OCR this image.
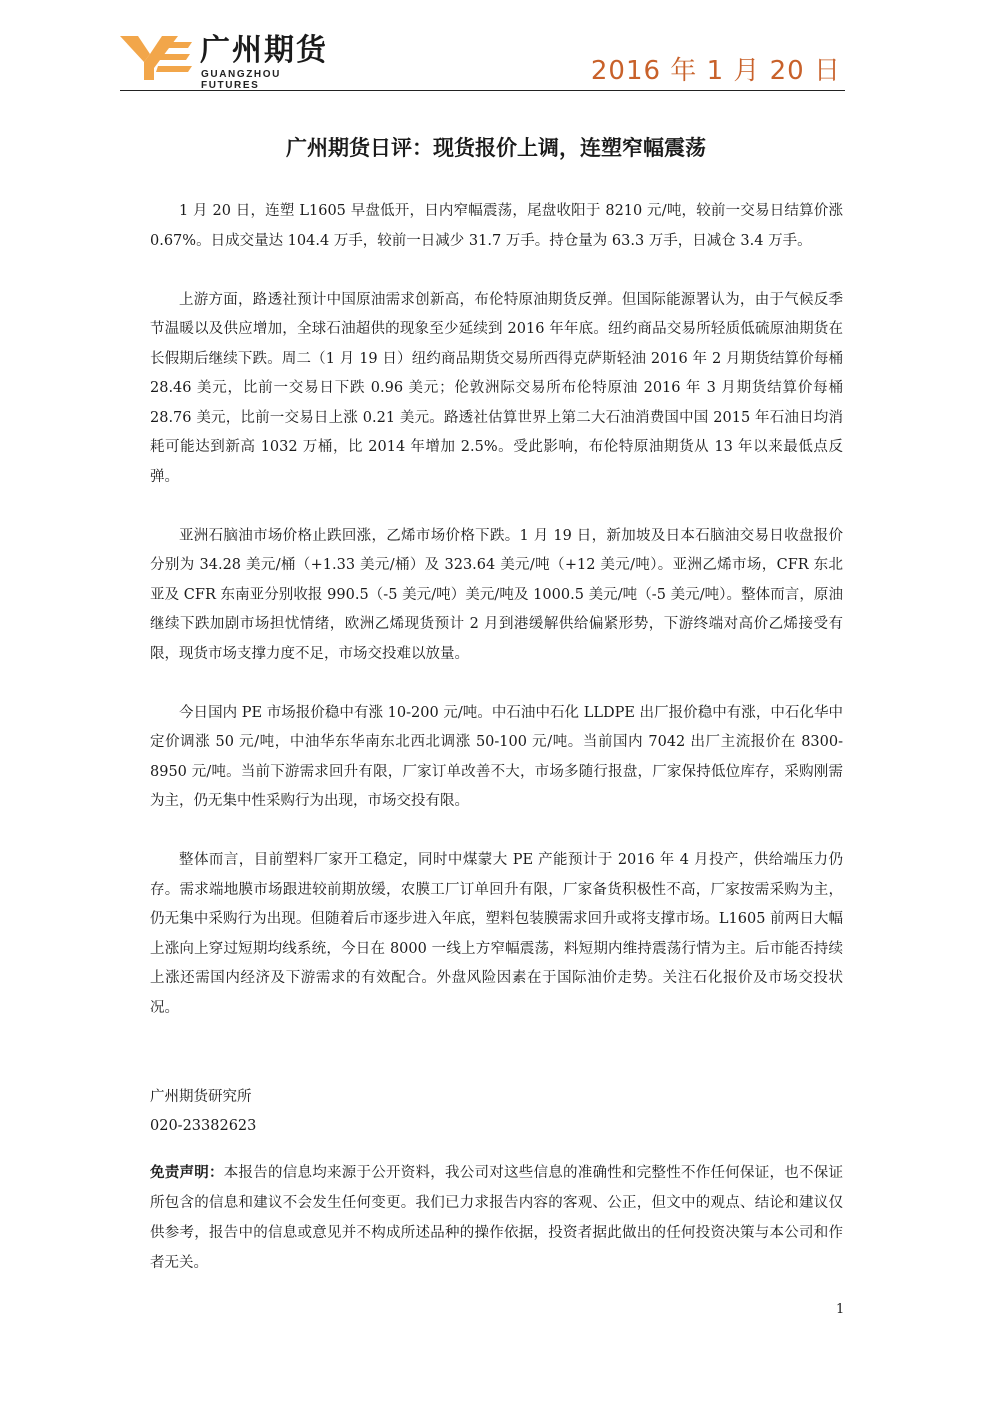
广州期货
GUANGZHOU FUTURES	2016 年 1 月 20 日
广州期货日评：现货报价上调，连塑窄幅震荡

1 月 20 日，连塑 L1605 早盘低开，日内窄幅震荡，尾盘收阳于 8210 元/吨，较前一交易日结算价涨 0.67%。日成交量达 104.4 万手，较前一日减少 31.7 万手。持仓量为 63.3 万手，日减仓 3.4 万手。

上游方面，路透社预计中国原油需求创新高，布伦特原油期货反弹。但国际能源署认为，由于气候反季节温暖以及供应增加，全球石油超供的现象至少延续到 2016 年年底。纽约商品交易所轻质低硫原油期货在长假期后继续下跌。周二（1 月 19 日）纽约商品期货交易所西得克萨斯轻油 2016 年 2 月期货结算价每桶 28.46 美元，比前一交易日下跌 0.96 美元；伦敦洲际交易所布伦特原油 2016 年 3 月期货结算价每桶 28.76 美元，比前一交易日上涨 0.21 美元。路透社估算世界上第二大石油消费国中国 2015 年石油日均消耗可能达到新高 1032 万桶，比 2014 年增加 2.5%。受此影响，布伦特原油期货从 13 年以来最低点反弹。

亚洲石脑油市场价格止跌回涨，乙烯市场价格下跌。1 月 19 日，新加坡及日本石脑油交易日收盘报价分别为 34.28 美元/桶（+1.33 美元/桶）及 323.64 美元/吨（+12 美元/吨）。亚洲乙烯市场，CFR 东北亚及 CFR 东南亚分别收报 990.5（-5 美元/吨）美元/吨及 1000.5 美元/吨（-5 美元/吨）。整体而言，原油继续下跌加剧市场担忧情绪，欧洲乙烯现货预计 2 月到港缓解供给偏紧形势，下游终端对高价乙烯接受有限，现货市场支撑力度不足，市场交投难以放量。

今日国内 PE 市场报价稳中有涨 10-200 元/吨。中石油中石化 LLDPE 出厂报价稳中有涨，中石化华中定价调涨 50 元/吨，中油华东华南东北西北调涨 50-100 元/吨。当前国内 7042 出厂主流报价在 8300-8950 元/吨。当前下游需求回升有限，厂家订单改善不大，市场多随行报盘，厂家保持低位库存，采购刚需为主，仍无集中性采购行为出现，市场交投有限。

整体而言，目前塑料厂家开工稳定，同时中煤蒙大 PE 产能预计于 2016 年 4 月投产，供给端压力仍存。需求端地膜市场跟进较前期放缓，农膜工厂订单回升有限，厂家备货积极性不高，厂家按需采购为主，仍无集中采购行为出现。但随着后市逐步进入年底，塑料包装膜需求回升或将支撑市场。L1605 前两日大幅上涨向上穿过短期均线系统，今日在 8000 一线上方窄幅震荡，料短期内维持震荡行情为主。后市能否持续上涨还需国内经济及下游需求的有效配合。外盘风险因素在于国际油价走势。关注石化报价及市场交投状况。

广州期货研究所
020-23382623
免责声明：本报告的信息均来源于公开资料，我公司对这些信息的准确性和完整性不作任何保证，也不保证所包含的信息和建议不会发生任何变更。我们已力求报告内容的客观、公正，但文中的观点、结论和建议仅供参考，报告中的信息或意见并不构成所述品种的操作依据，投资者据此做出的任何投资决策与本公司和作者无关。
1
